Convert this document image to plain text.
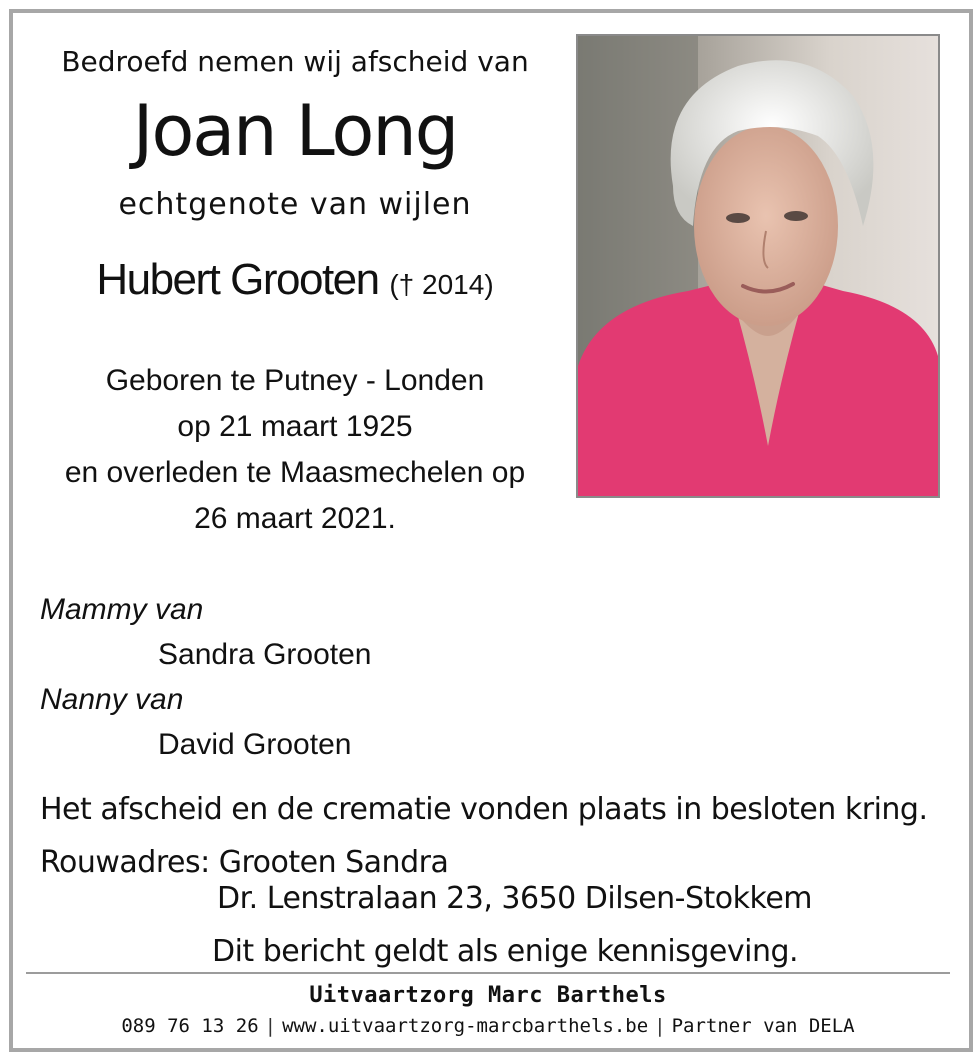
Bedroefd nemen wij afscheid van
Joan Long
echtgenote van wijlen
Hubert Grooten († 2014)
Geboren te Putney - Londen
op 21 maart 1925
en overleden te Maasmechelen op
26 maart 2021.
Mammy van
Sandra Grooten
Nanny van
David Grooten
Het afscheid en de crematie vonden plaats in besloten kring.
Rouwadres: Grooten Sandra
Dr. Lenstralaan 23, 3650 Dilsen-Stokkem
Dit bericht geldt als enige kennisgeving.
Uitvaartzorg Marc Barthels
089 76 13 26 | www.uitvaartzorg-marcbarthels.be | Partner van DELA
